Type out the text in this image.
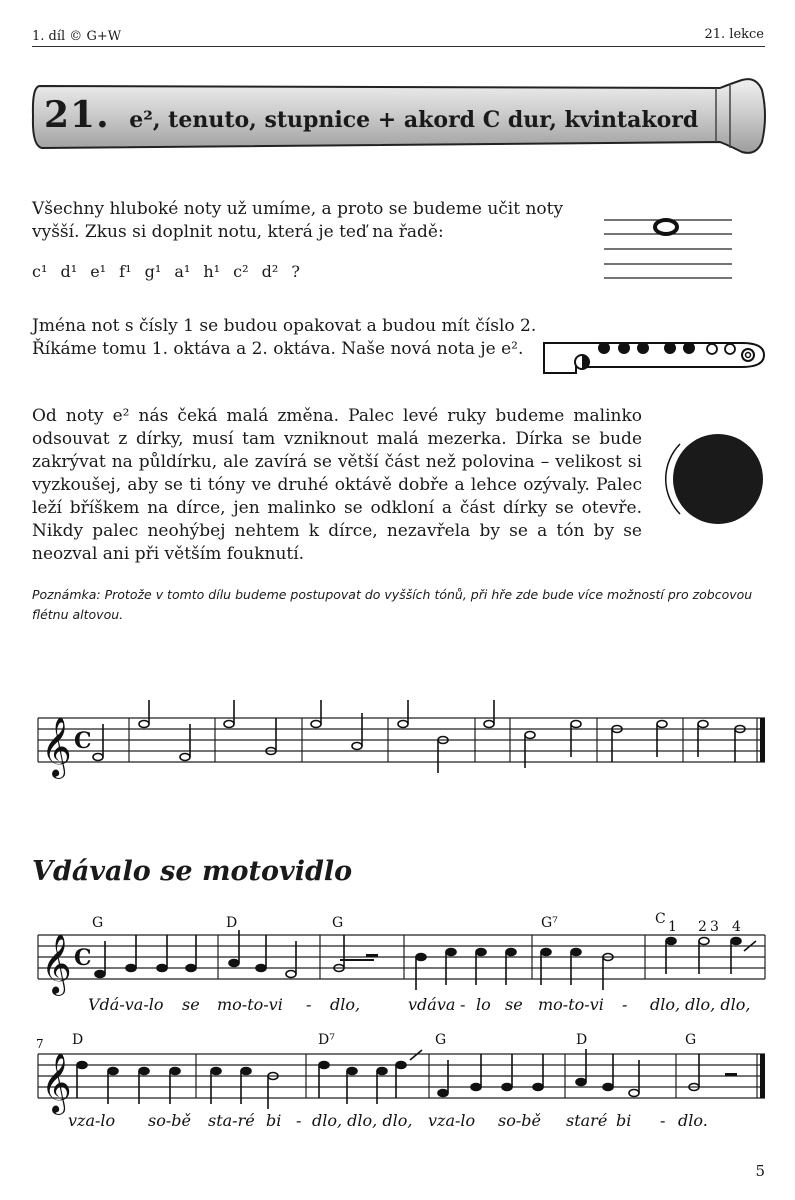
1. díl © G+W	21. lekce
21. e², tenuto, stupnice + akord C dur, kvintakord
Všechny hluboké noty už umíme, a proto se budeme učit noty vyšší. Zkus si doplnit notu, která je teď na řadě:
c¹ d¹ e¹ f¹ g¹ a¹ h¹ c² d² ?
Jména not s čísly 1 se budou opakovat a budou mít číslo 2. Říkáme tomu 1. oktáva a 2. oktáva. Naše nová nota je e².
Od noty e² nás čeká malá změna. Palec levé ruky budeme malinko odsouvat z dírky, musí tam vzniknout malá mezerka. Dírka se bude zakrývat na půldírku, ale zavírá se větší část než polovina – velikost si vyzkoušej, aby se ti tóny ve druhé oktávě dobře a lehce ozývaly. Palec leží bříškem na dírce, jen malinko se odkloní a část dírky se otevře. Nikdy palec neohýbej nehtem k dírce, nezavřela by se a tón by se neozval ani při větším fouknutí.
Poznámka: Protože v tomto dílu budeme postupovat do vyšších tónů, při hře zde bude více možností pro zobcovou flétnu altovou.
𝄞 C
Vdávalo se motovidlo
G	D	G	G⁷	C 1 2 3 4
𝄞 C
Vdá-va-lo se mo-to-vi - dlo,	vdáva - lo se mo-to-vi - dlo, dlo, dlo,
7 D	D⁷	G	D	G
𝄞
vza-lo so-bě sta-ré bi - dlo, dlo, dlo, vza-lo so-bě staré bi - dlo.
5
